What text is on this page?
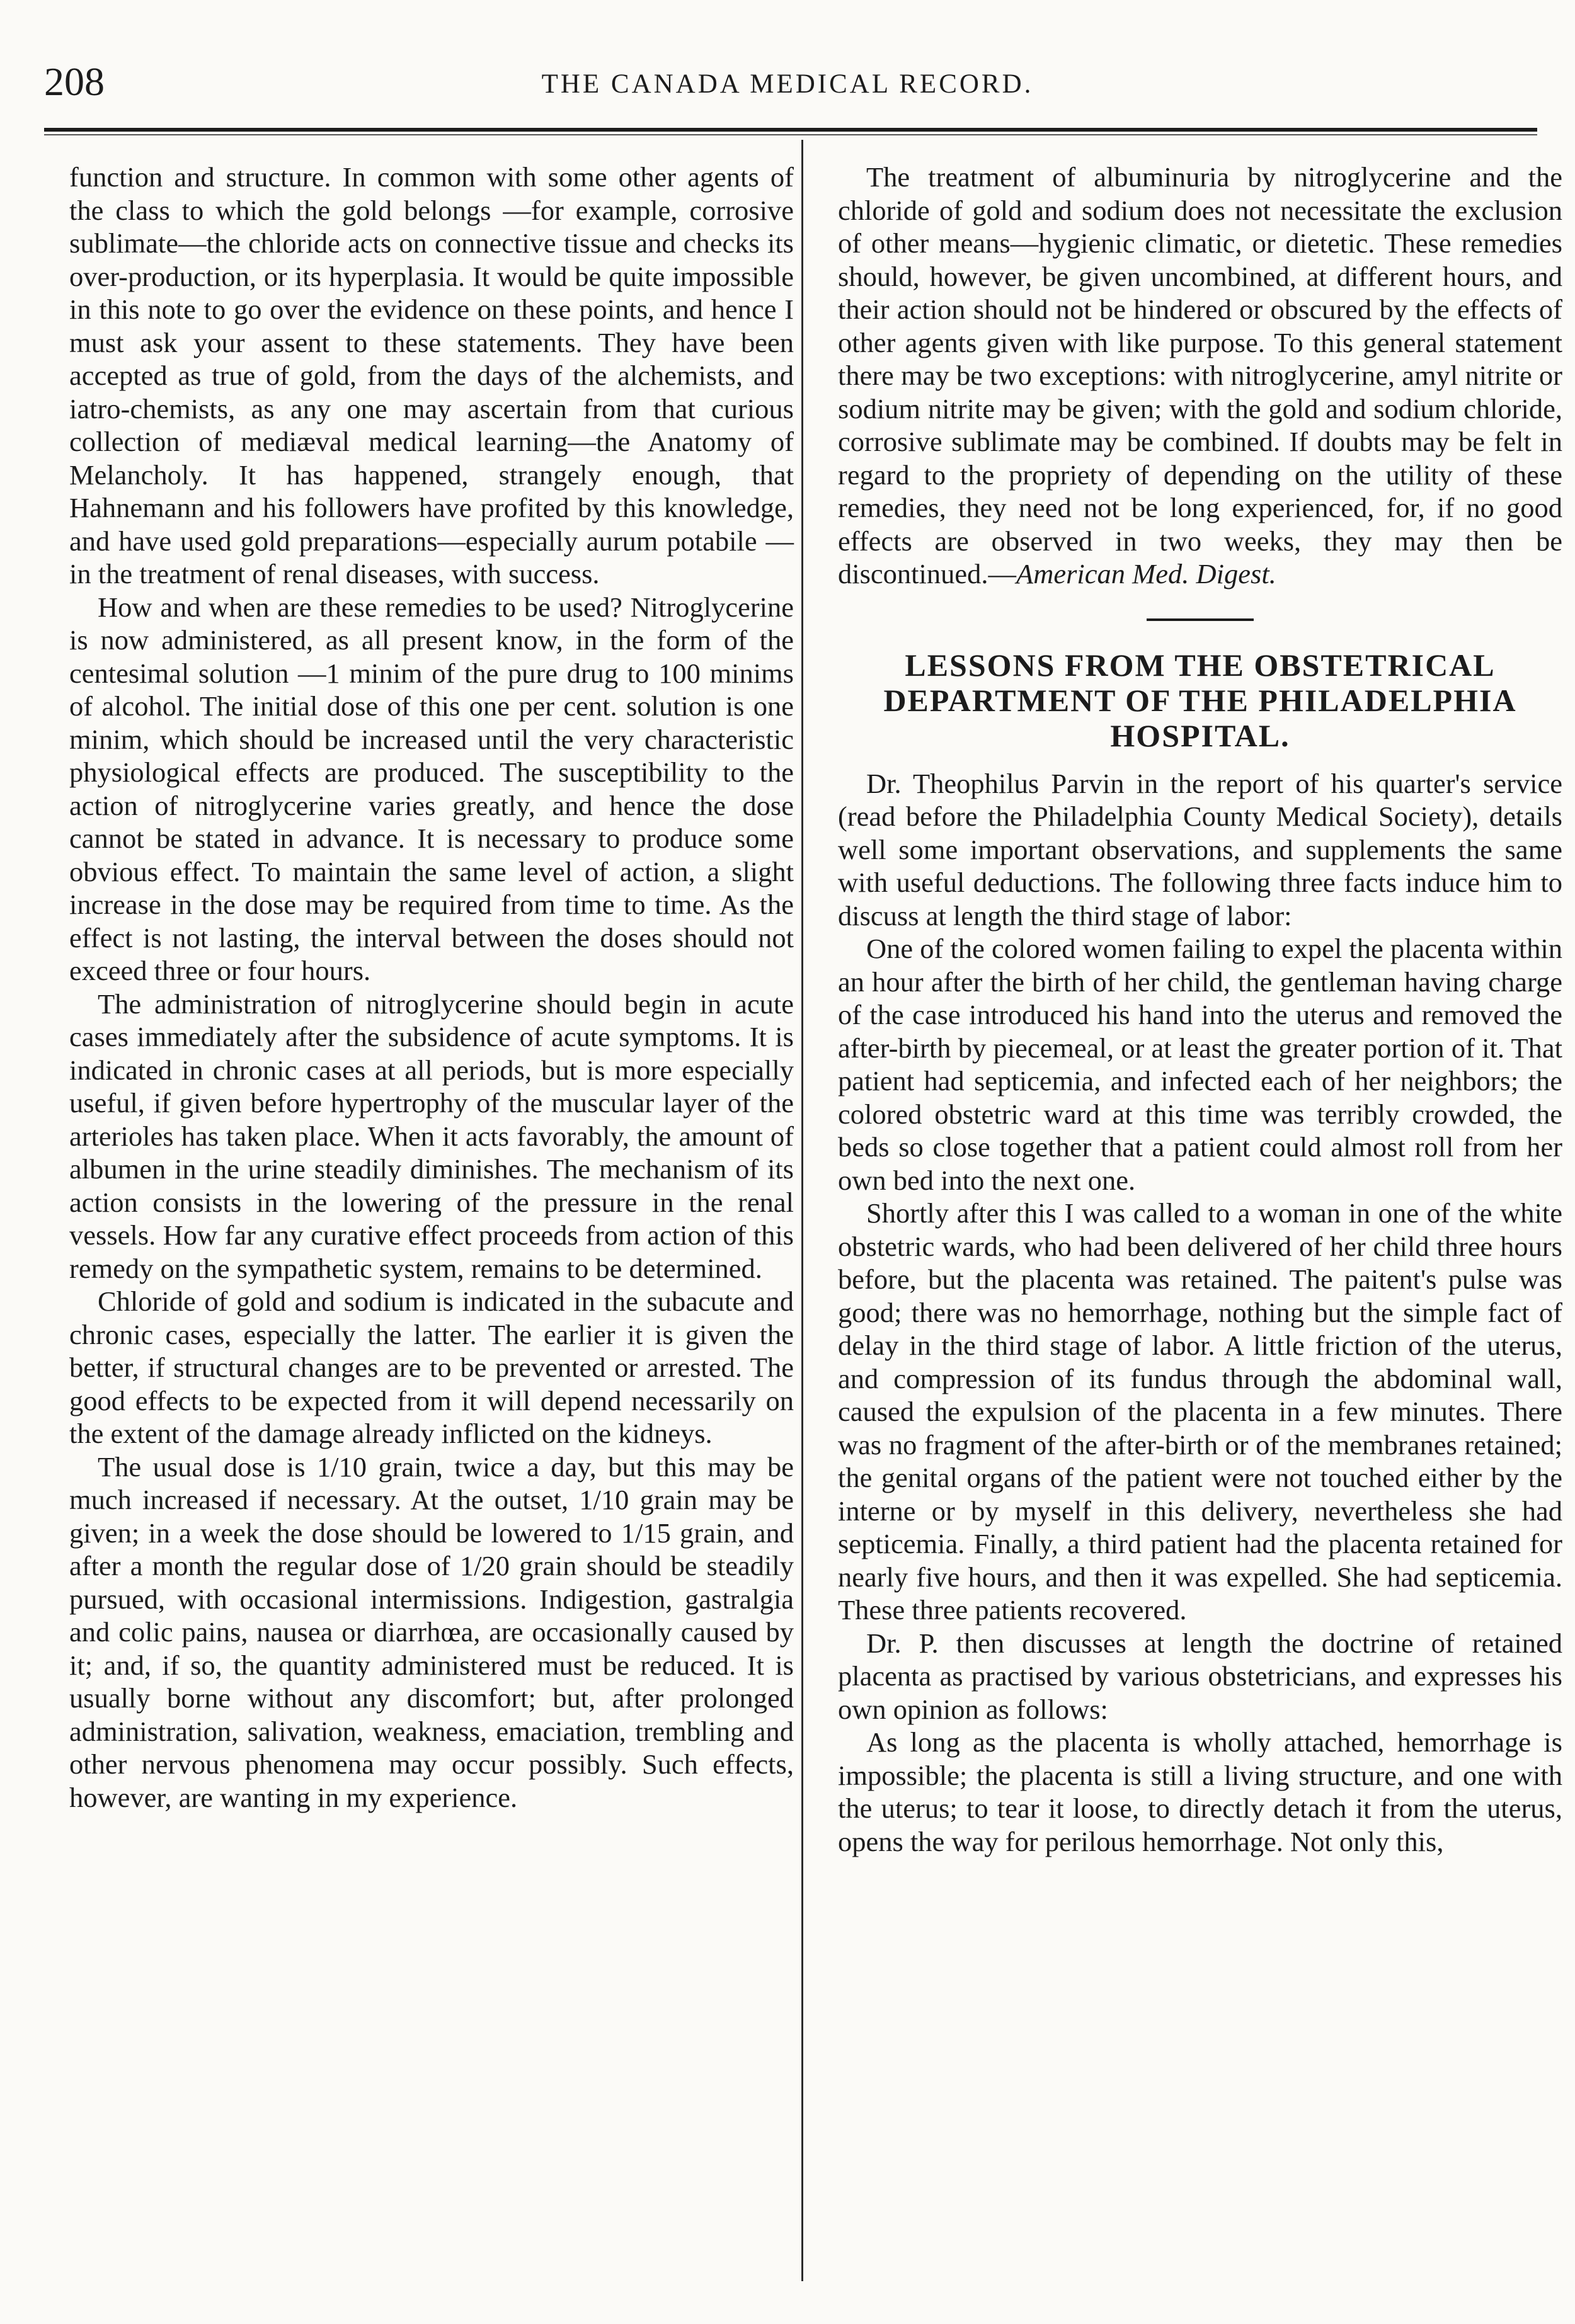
208	THE CANADA MEDICAL RECORD.

function and structure. In common with some other agents of the class to which the gold belongs —for example, corrosive sublimate—the chloride acts on connective tissue and checks its over-production, or its hyperplasia. It would be quite impossible in this note to go over the evidence on these points, and hence I must ask your assent to these statements. They have been accepted as true of gold, from the days of the alchemists, and iatro-chemists, as any one may ascertain from that curious collection of mediæval medical learning—the Anatomy of Melancholy. It has happened, strangely enough, that Hahnemann and his followers have profited by this knowledge, and have used gold preparations—especially aurum potabile —in the treatment of renal diseases, with success.

How and when are these remedies to be used? Nitroglycerine is now administered, as all present know, in the form of the centesimal solution —1 minim of the pure drug to 100 minims of alcohol. The initial dose of this one per cent. solution is one minim, which should be increased until the very characteristic physiological effects are produced. The susceptibility to the action of nitroglycerine varies greatly, and hence the dose cannot be stated in advance. It is necessary to produce some obvious effect. To maintain the same level of action, a slight increase in the dose may be required from time to time. As the effect is not lasting, the interval between the doses should not exceed three or four hours.

The administration of nitroglycerine should begin in acute cases immediately after the subsidence of acute symptoms. It is indicated in chronic cases at all periods, but is more especially useful, if given before hypertrophy of the muscular layer of the arterioles has taken place. When it acts favorably, the amount of albumen in the urine steadily diminishes. The mechanism of its action consists in the lowering of the pressure in the renal vessels. How far any curative effect proceeds from action of this remedy on the sympathetic system, remains to be determined.

Chloride of gold and sodium is indicated in the subacute and chronic cases, especially the latter. The earlier it is given the better, if structural changes are to be prevented or arrested. The good effects to be expected from it will depend necessarily on the extent of the damage already inflicted on the kidneys.

The usual dose is 1/10 grain, twice a day, but this may be much increased if necessary. At the outset, 1/10 grain may be given; in a week the dose should be lowered to 1/15 grain, and after a month the regular dose of 1/20 grain should be steadily pursued, with occasional intermissions. Indigestion, gastralgia and colic pains, nausea or diarrhœa, are occasionally caused by it; and, if so, the quantity administered must be reduced. It is usually borne without any discomfort; but, after prolonged administration, salivation, weakness, emaciation, trembling and other nervous phenomena may occur possibly. Such effects, however, are wanting in my experience.

The treatment of albuminuria by nitroglycerine and the chloride of gold and sodium does not necessitate the exclusion of other means—hygienic climatic, or dietetic. These remedies should, however, be given uncombined, at different hours, and their action should not be hindered or obscured by the effects of other agents given with like purpose. To this general statement there may be two exceptions: with nitroglycerine, amyl nitrite or sodium nitrite may be given; with the gold and sodium chloride, corrosive sublimate may be combined. If doubts may be felt in regard to the propriety of depending on the utility of these remedies, they need not be long experienced, for, if no good effects are observed in two weeks, they may then be discontinued.—American Med. Digest.

LESSONS FROM THE OBSTETRICAL DEPARTMENT OF THE PHILADELPHIA HOSPITAL.

Dr. Theophilus Parvin in the report of his quarter's service (read before the Philadelphia County Medical Society), details well some important observations, and supplements the same with useful deductions. The following three facts induce him to discuss at length the third stage of labor:

One of the colored women failing to expel the placenta within an hour after the birth of her child, the gentleman having charge of the case introduced his hand into the uterus and removed the after-birth by piecemeal, or at least the greater portion of it. That patient had septicemia, and infected each of her neighbors; the colored obstetric ward at this time was terribly crowded, the beds so close together that a patient could almost roll from her own bed into the next one.

Shortly after this I was called to a woman in one of the white obstetric wards, who had been delivered of her child three hours before, but the placenta was retained. The paitent's pulse was good; there was no hemorrhage, nothing but the simple fact of delay in the third stage of labor. A little friction of the uterus, and compression of its fundus through the abdominal wall, caused the expulsion of the placenta in a few minutes. There was no fragment of the after-birth or of the membranes retained; the genital organs of the patient were not touched either by the interne or by myself in this delivery, nevertheless she had septicemia. Finally, a third patient had the placenta retained for nearly five hours, and then it was expelled. She had septicemia. These three patients recovered.

Dr. P. then discusses at length the doctrine of retained placenta as practised by various obstetricians, and expresses his own opinion as follows:

As long as the placenta is wholly attached, hemorrhage is impossible; the placenta is still a living structure, and one with the uterus; to tear it loose, to directly detach it from the uterus, opens the way for perilous hemorrhage. Not only this,
